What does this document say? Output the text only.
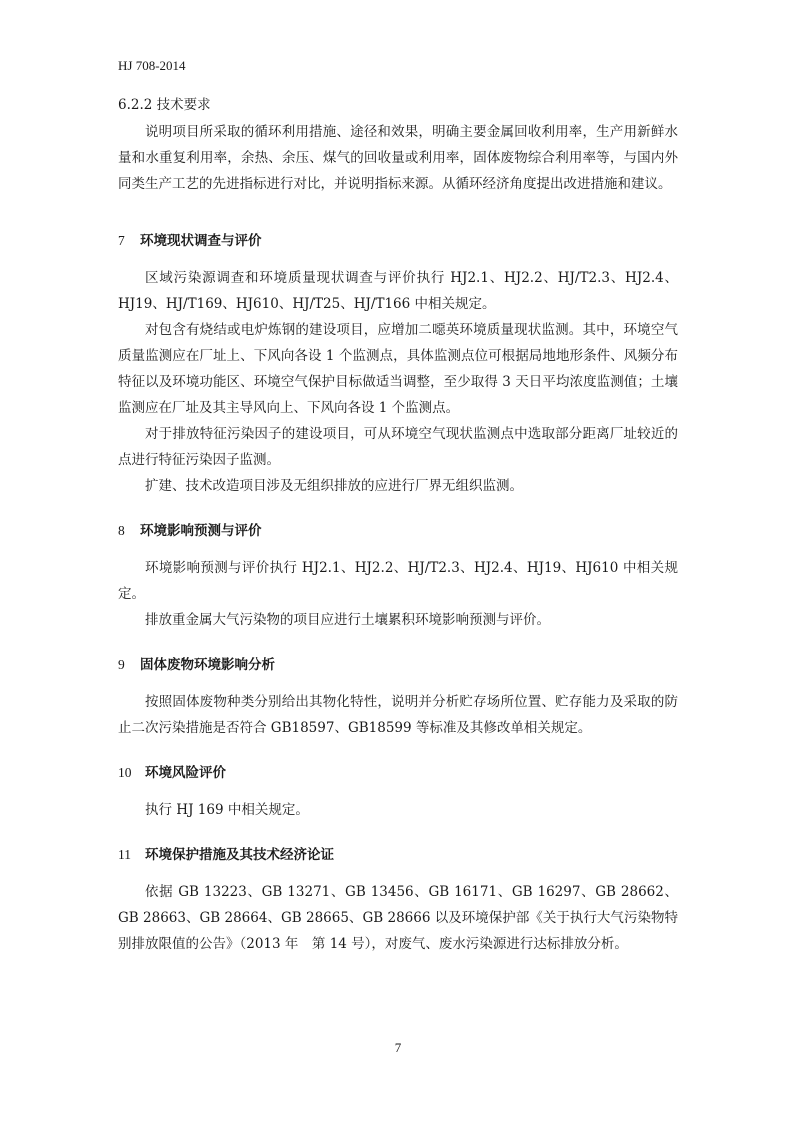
HJ 708-2014

6.2.2 技术要求

说明项目所采取的循环利用措施、途径和效果，明确主要金属回收利用率，生产用新鲜水量和水重复利用率，余热、余压、煤气的回收量或利用率，固体废物综合利用率等，与国内外同类生产工艺的先进指标进行对比，并说明指标来源。从循环经济角度提出改进措施和建议。

7 环境现状调查与评价

区域污染源调查和环境质量现状调查与评价执行 HJ2.1、HJ2.2、HJ/T2.3、HJ2.4、HJ19、HJ/T169、HJ610、HJ/T25、HJ/T166 中相关规定。

对包含有烧结或电炉炼钢的建设项目，应增加二噁英环境质量现状监测。其中，环境空气质量监测应在厂址上、下风向各设 1 个监测点，具体监测点位可根据局地地形条件、风频分布特征以及环境功能区、环境空气保护目标做适当调整，至少取得 3 天日平均浓度监测值；土壤监测应在厂址及其主导风向上、下风向各设 1 个监测点。

对于排放特征污染因子的建设项目，可从环境空气现状监测点中选取部分距离厂址较近的点进行特征污染因子监测。

扩建、技术改造项目涉及无组织排放的应进行厂界无组织监测。

8 环境影响预测与评价

环境影响预测与评价执行 HJ2.1、HJ2.2、HJ/T2.3、HJ2.4、HJ19、HJ610 中相关规定。

排放重金属大气污染物的项目应进行土壤累积环境影响预测与评价。

9 固体废物环境影响分析

按照固体废物种类分别给出其物化特性，说明并分析贮存场所位置、贮存能力及采取的防止二次污染措施是否符合 GB18597、GB18599 等标准及其修改单相关规定。

10 环境风险评价

执行 HJ 169 中相关规定。

11 环境保护措施及其技术经济论证

依据 GB 13223、GB 13271、GB 13456、GB 16171、GB 16297、GB 28662、GB 28663、GB 28664、GB 28665、GB 28666 以及环境保护部《关于执行大气污染物特别排放限值的公告》（2013 年　第 14 号），对废气、废水污染源进行达标排放分析。

7
